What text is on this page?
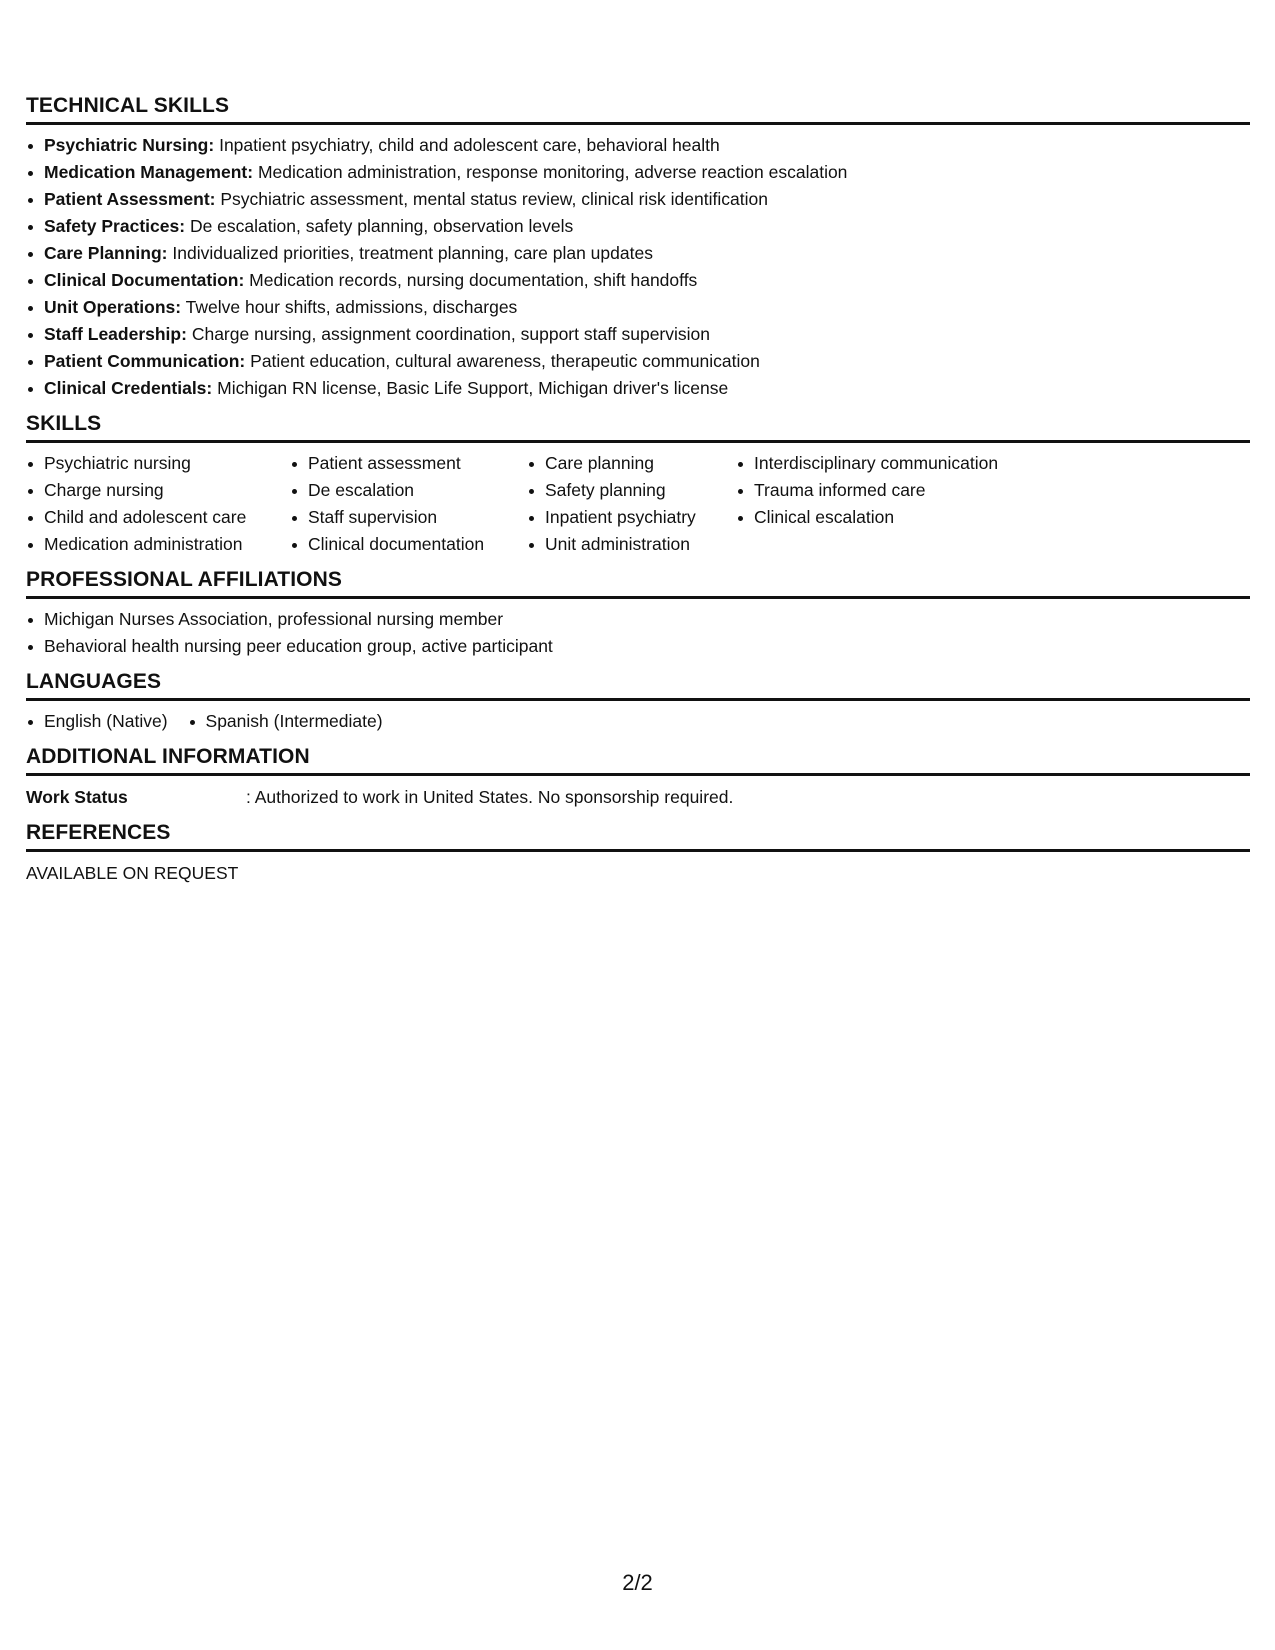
TECHNICAL SKILLS
Psychiatric Nursing: Inpatient psychiatry, child and adolescent care, behavioral health
Medication Management: Medication administration, response monitoring, adverse reaction escalation
Patient Assessment: Psychiatric assessment, mental status review, clinical risk identification
Safety Practices: De escalation, safety planning, observation levels
Care Planning: Individualized priorities, treatment planning, care plan updates
Clinical Documentation: Medication records, nursing documentation, shift handoffs
Unit Operations: Twelve hour shifts, admissions, discharges
Staff Leadership: Charge nursing, assignment coordination, support staff supervision
Patient Communication: Patient education, cultural awareness, therapeutic communication
Clinical Credentials: Michigan RN license, Basic Life Support, Michigan driver's license
SKILLS
Psychiatric nursing
Charge nursing
Child and adolescent care
Medication administration
Patient assessment
De escalation
Staff supervision
Clinical documentation
Care planning
Safety planning
Inpatient psychiatry
Unit administration
Interdisciplinary communication
Trauma informed care
Clinical escalation
PROFESSIONAL AFFILIATIONS
Michigan Nurses Association, professional nursing member
Behavioral health nursing peer education group, active participant
LANGUAGES
English (Native)	Spanish (Intermediate)
ADDITIONAL INFORMATION
Work Status	: Authorized to work in United States. No sponsorship required.
REFERENCES

AVAILABLE ON REQUEST

2/2
